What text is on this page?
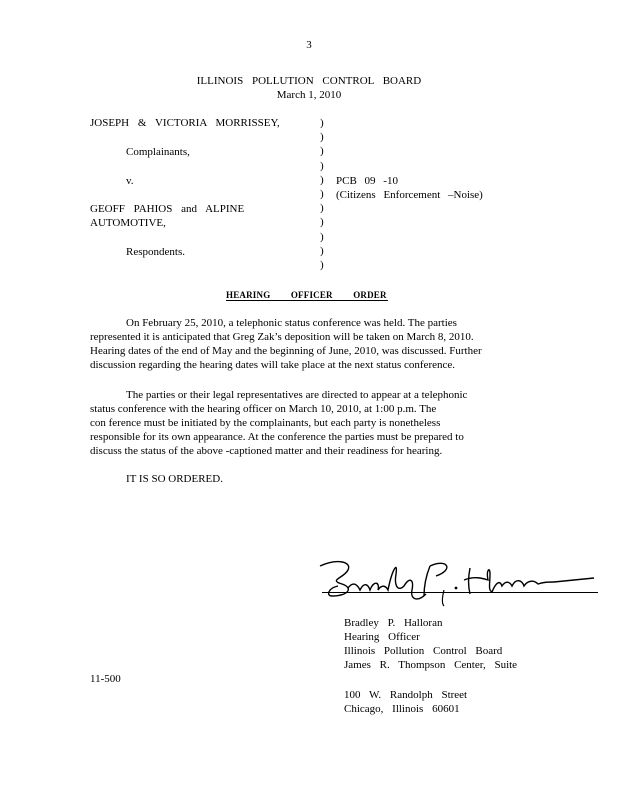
3
ILLINOIS POLLUTION CONTROL BOARD
March 1, 2010
JOSEPH & VICTORIA MORRISSEY,
Complainants,
v.
GEOFF PAHIOS and ALPINE
AUTOMOTIVE,
Respondents.
)
)
)
)
)
)
)
)
)
)
)
PCB 09 -10
(Citizens Enforcement –Noise)
HEARING OFFICER ORDER

On February 25, 2010, a telephonic status conference was held. The parties

represented it is anticipated that Greg Zak’s deposition will be taken on March 8, 2010.

Hearing dates of the end of May and the beginning of June, 2010, was discussed. Further

discussion regarding the hearing dates will take place at the next status conference.

The parties or their legal representatives are directed to appear at a telephonic

status conference with the hearing officer on March 10, 2010, at 1:00 p.m. The

con ference must be initiated by the complainants, but each party is nonetheless

responsible for its own appearance. At the conference the parties must be prepared to

discuss the status of the above -captioned matter and their readiness for hearing.

IT IS SO ORDERED.
Bradley P. Halloran
Hearing Officer
Illinois Pollution Control Board
James R. Thompson Center, Suite
11-500
100 W. Randolph Street
Chicago, Illinois 60601
